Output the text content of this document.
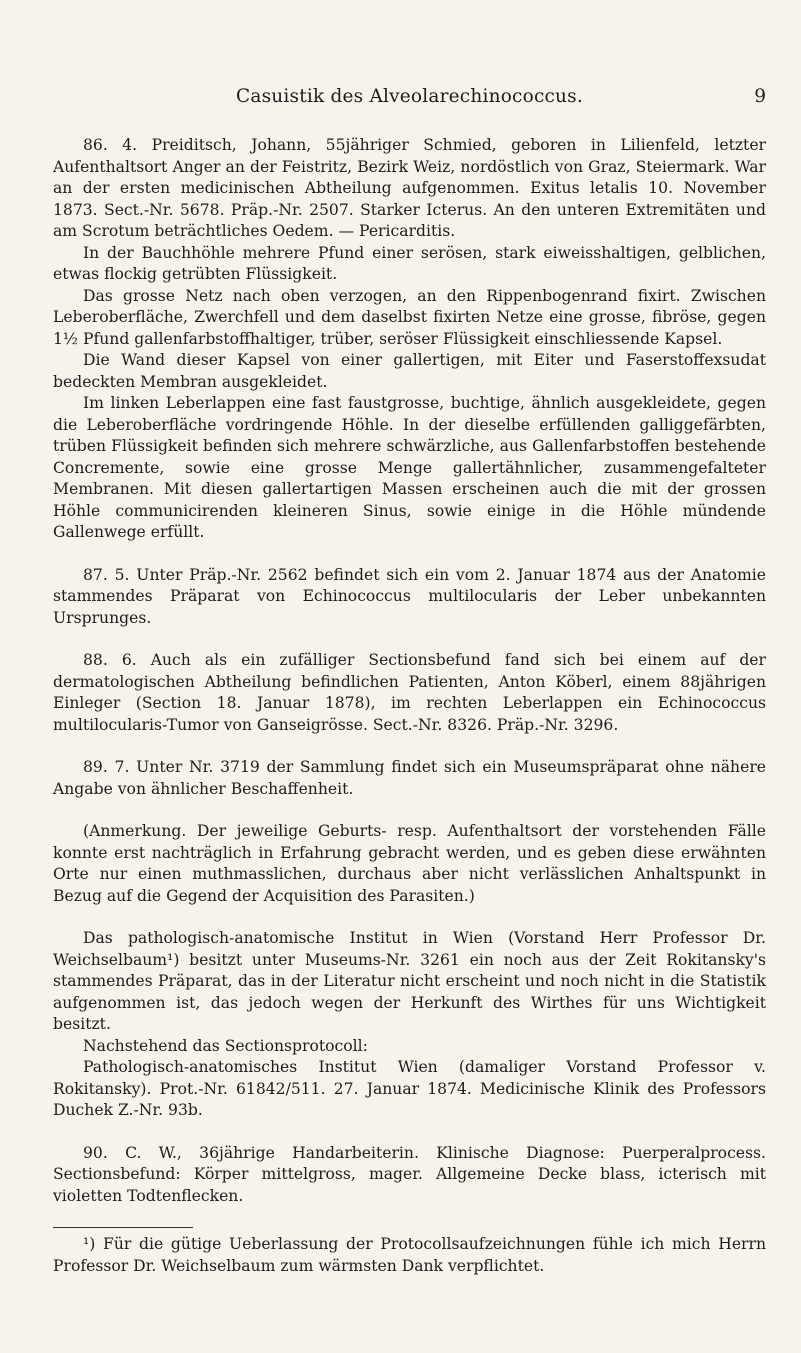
Casuistik des Alveolarechinococcus.	9

86. 4. Preiditsch, Johann, 55jähriger Schmied, geboren in Lilienfeld, letzter Aufenthaltsort Anger an der Feistritz, Bezirk Weiz, nordöstlich von Graz, Steiermark. War an der ersten medicinischen Abtheilung aufgenommen. Exitus letalis 10. November 1873. Sect.-Nr. 5678. Präp.-Nr. 2507. Starker Icterus. An den unteren Extremitäten und am Scrotum beträchtliches Oedem. — Pericarditis.

In der Bauchhöhle mehrere Pfund einer serösen, stark eiweisshaltigen, gelblichen, etwas flockig getrübten Flüssigkeit.

Das grosse Netz nach oben verzogen, an den Rippenbogenrand fixirt. Zwischen Leberoberfläche, Zwerchfell und dem daselbst fixirten Netze eine grosse, fibröse, gegen 1½ Pfund gallenfarbstoffhaltiger, trüber, seröser Flüssigkeit einschliessende Kapsel.

Die Wand dieser Kapsel von einer gallertigen, mit Eiter und Faserstoffexsudat bedeckten Membran ausgekleidet.

Im linken Leberlappen eine fast faustgrosse, buchtige, ähnlich ausgekleidete, gegen die Leberoberfläche vordringende Höhle. In der dieselbe erfüllenden galliggefärbten, trüben Flüssigkeit befinden sich mehrere schwärzliche, aus Gallenfarbstoffen bestehende Concremente, sowie eine grosse Menge gallertähnlicher, zusammengefalteter Membranen. Mit diesen gallertartigen Massen erscheinen auch die mit der grossen Höhle communicirenden kleineren Sinus, sowie einige in die Höhle mündende Gallenwege erfüllt.

87. 5. Unter Präp.-Nr. 2562 befindet sich ein vom 2. Januar 1874 aus der Anatomie stammendes Präparat von Echinococcus multilocularis der Leber unbekannten Ursprunges.

88. 6. Auch als ein zufälliger Sectionsbefund fand sich bei einem auf der dermatologischen Abtheilung befindlichen Patienten, Anton Köberl, einem 88jährigen Einleger (Section 18. Januar 1878), im rechten Leberlappen ein Echinococcus multilocularis-Tumor von Ganseigrösse. Sect.-Nr. 8326. Präp.-Nr. 3296.

89. 7. Unter Nr. 3719 der Sammlung findet sich ein Museumspräparat ohne nähere Angabe von ähnlicher Beschaffenheit.

(Anmerkung. Der jeweilige Geburts- resp. Aufenthaltsort der vorstehenden Fälle konnte erst nachträglich in Erfahrung gebracht werden, und es geben diese erwähnten Orte nur einen muthmasslichen, durchaus aber nicht verlässlichen Anhaltspunkt in Bezug auf die Gegend der Acquisition des Parasiten.)

Das pathologisch-anatomische Institut in Wien (Vorstand Herr Professor Dr. Weichselbaum¹) besitzt unter Museums-Nr. 3261 ein noch aus der Zeit Rokitansky's stammendes Präparat, das in der Literatur nicht erscheint und noch nicht in die Statistik aufgenommen ist, das jedoch wegen der Herkunft des Wirthes für uns Wichtigkeit besitzt.

Nachstehend das Sectionsprotocoll:

Pathologisch-anatomisches Institut Wien (damaliger Vorstand Professor v. Rokitansky). Prot.-Nr. 61842/511. 27. Januar 1874. Medicinische Klinik des Professors Duchek Z.-Nr. 93b.

90. C. W., 36jährige Handarbeiterin. Klinische Diagnose: Puerperalprocess. Sectionsbefund: Körper mittelgross, mager. Allgemeine Decke blass, icterisch mit violetten Todtenflecken.

¹) Für die gütige Ueberlassung der Protocollsaufzeichnungen fühle ich mich Herrn Professor Dr. Weichselbaum zum wärmsten Dank verpflichtet.
